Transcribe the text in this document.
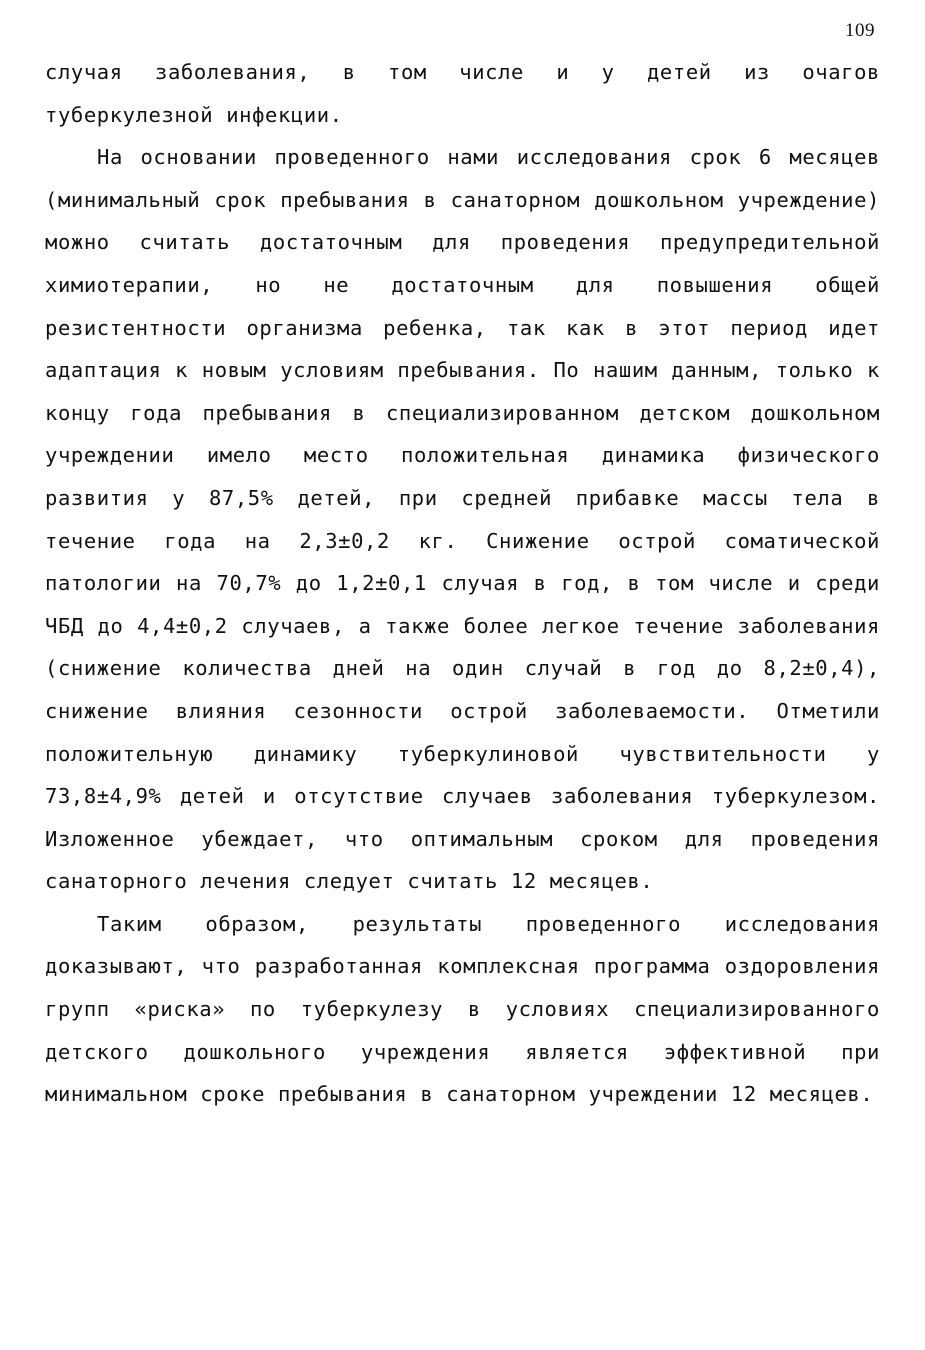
109

случая заболевания, в том числе и у детей из очагов туберкулезной инфекции.

На основании проведенного нами исследования срок 6 месяцев (минимальный срок пребывания в санаторном дошкольном учреждение) можно считать достаточным для проведения предупредительной химиотерапии, но не достаточным для повышения общей резистентности организма ребенка, так как в этот период идет адаптация к новым условиям пребывания. По нашим данным, только к концу года пребывания в специализированном детском дошкольном учреждении имело место положительная динамика физического развития у 87,5% детей, при средней прибавке массы тела в течение года на 2,3±0,2 кг. Снижение острой соматической патологии на 70,7% до 1,2±0,1 случая в год, в том числе и среди ЧБД до 4,4±0,2 случаев, а также более легкое течение заболевания (снижение количества дней на один случай в год до 8,2±0,4), снижение влияния сезонности острой заболеваемости. Отметили положительную динамику туберкулиновой чувствительности у 73,8±4,9% детей и отсутствие случаев заболевания туберкулезом. Изложенное убеждает, что оптимальным сроком для проведения санаторного лечения следует считать 12 месяцев.

Таким образом, результаты проведенного исследования доказывают, что разработанная комплексная программа оздоровления групп «риска» по туберкулезу в условиях специализированного детского дошкольного учреждения является эффективной при минимальном сроке пребывания в санаторном учреждении 12 месяцев.
